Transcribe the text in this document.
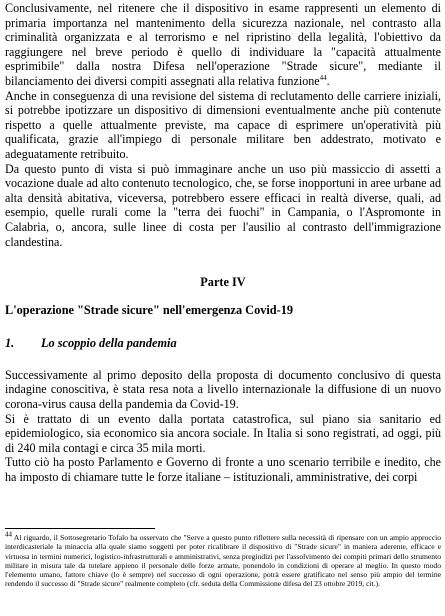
Conclusivamente, nel ritenere che il dispositivo in esame rappresenti un elemento di primaria importanza nel mantenimento della sicurezza nazionale, nel contrasto alla criminalità organizzata e al terrorismo e nel ripristino della legalità, l'obiettivo da raggiungere nel breve periodo è quello di individuare la "capacità attualmente esprimibile" dalla nostra Difesa nell'operazione "Strade sicure", mediante il bilanciamento dei diversi compiti assegnati alla relativa funzione$^{44}$.

Anche in conseguenza di una revisione del sistema di reclutamento delle carriere iniziali, si potrebbe ipotizzare un dispositivo di dimensioni eventualmente anche più contenute rispetto a quelle attualmente previste, ma capace di esprimere un'operatività più qualificata, grazie all'impiego di personale militare ben addestrato, motivato e adeguatamente retribuito.

Da questo punto di vista si può immaginare anche un uso più massiccio di assetti a vocazione duale ad alto contenuto tecnologico, che, se forse inopportuni in aree urbane ad alta densità abitativa, viceversa, potrebbero essere efficaci in realtà diverse, quali, ad esempio, quelle rurali come la "terra dei fuochi" in Campania, o l'Aspromonte in Calabria, o, ancora, sulle linee di costa per l'ausilio al contrasto dell'immigrazione clandestina.

Parte IV

L'operazione "Strade sicure" nell'emergenza Covid-19

1. Lo scoppio della pandemia

Successivamente al primo deposito della proposta di documento conclusivo di questa indagine conoscitiva, è stata resa nota a livello internazionale la diffusione di un nuovo corona-virus causa della pandemia da Covid-19.

Si è trattato di un evento dalla portata catastrofica, sul piano sia sanitario ed epidemiologico, sia economico sia ancora sociale. In Italia si sono registrati, ad oggi, più di 240 mila contagi e circa 35 mila morti.

Tutto ciò ha posto Parlamento e Governo di fronte a uno scenario terribile e inedito, che ha imposto di chiamare tutte le forze italiane – istituzionali, amministrative, dei corpi

$^{44}$ Al riguardo, il Sottosegretario Tofalo ha osservato che "Serve a questo punto riflettere sulla necessità di ripensare con un ampio approccio interdicasteriale la minaccia alla quale siamo soggetti per poter ricalibrare il dispositivo di "Strade sicure" in maniera aderente, efficace e virtuosa in termini numerici, logistico-infrastrutturali e amministrativi, senza pregiudizi per l'assolvimento dei compiti primari dello strumento militare in misura tale da tutelare appieno il personale delle forze armate, ponendolo in condizioni di operare al meglio. In questo modo l'elemento umano, fattore chiave (lo è sempre) nel successo di ogni operazione, potrà essere gratificato nel senso più ampio del termine rendendo il successo di "Strade sicure" realmente completo (cfr. seduta della Commissione difesa del 23 ottobre 2019, cit.).
